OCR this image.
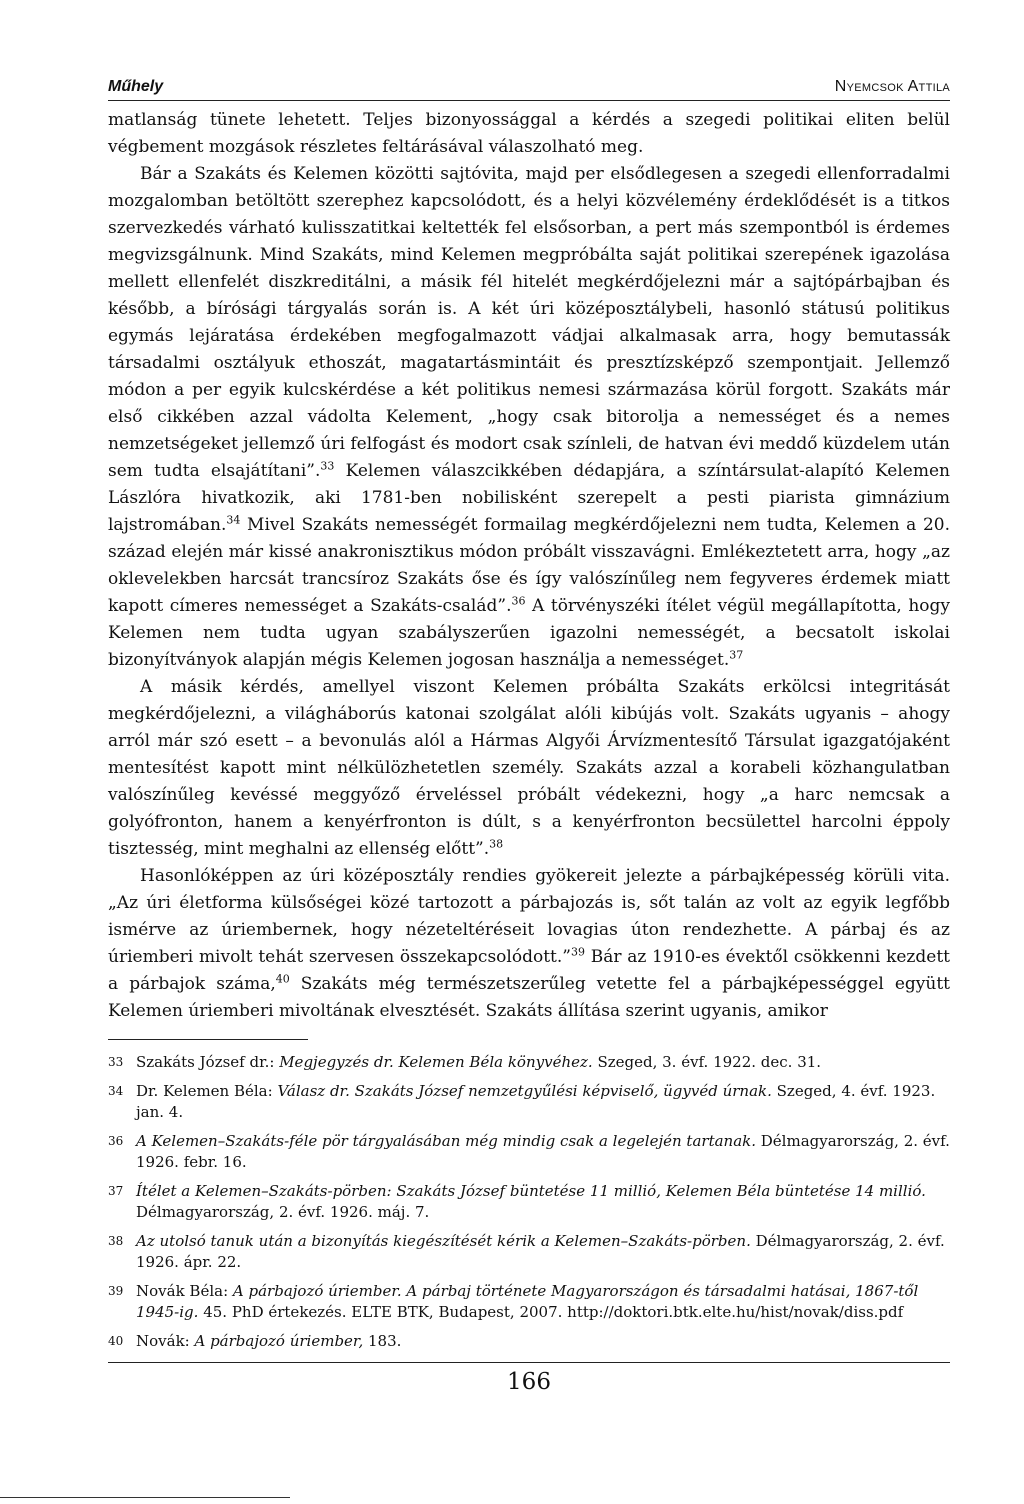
Műhely	Nyemcsok Attila

matlanság tünete lehetett. Teljes bizonyossággal a kérdés a szegedi politikai eliten belül végbement mozgások részletes feltárásával válaszolható meg.

Bár a Szakáts és Kelemen közötti sajtóvita, majd per elsődlegesen a szegedi ellenforradalmi mozgalomban betöltött szerephez kapcsolódott, és a helyi közvélemény érdeklődését is a titkos szervezkedés várható kulisszatitkai keltették fel elsősorban, a pert más szempontból is érdemes megvizsgálnunk. Mind Szakáts, mind Kelemen megpróbálta saját politikai szerepének igazolása mellett ellenfelét diszkreditálni, a másik fél hitelét megkérdőjelezni már a sajtópárbajban és később, a bírósági tárgyalás során is. A két úri középosztálybeli, hasonló státusú politikus egymás lejáratása érdekében megfogalmazott vádjai alkalmasak arra, hogy bemutassák társadalmi osztályuk ethoszát, magatartásmintáit és presztízsképző szempontjait. Jellemző módon a per egyik kulcskérdése a két politikus nemesi származása körül forgott. Szakáts már első cikkében azzal vádolta Kelement, „hogy csak bitorolja a nemességet és a nemes nemzetségeket jellemző úri felfogást és modort csak színleli, de hatvan évi meddő küzdelem után sem tudta elsajátítani”.$^{33}$ Kelemen válaszcikkében dédapjára, a színtársulat-alapító Kelemen Lászlóra hivatkozik, aki 1781-ben nobilisként szerepelt a pesti piarista gimnázium lajstromában.$^{34}$ Mivel Szakáts nemességét formailag megkérdőjelezni nem tudta, Kelemen a 20. század elején már kissé anakronisztikus módon próbált visszavágni. Emlékeztetett arra, hogy „az oklevelekben harcsát trancsíroz Szakáts őse és így valószínűleg nem fegyveres érdemek miatt kapott címeres nemességet a Szakáts-család”.$^{36}$ A törvényszéki ítélet végül megállapította, hogy Kelemen nem tudta ugyan szabályszerűen igazolni nemességét, a becsatolt iskolai bizonyítványok alapján mégis Kelemen jogosan használja a nemességet.$^{37}$

A másik kérdés, amellyel viszont Kelemen próbálta Szakáts erkölcsi integritását megkérdőjelezni, a világháborús katonai szolgálat alóli kibújás volt. Szakáts ugyanis – ahogy arról már szó esett – a bevonulás alól a Hármas Algyői Árvízmentesítő Társulat igazgatójaként mentesítést kapott mint nélkülözhetetlen személy. Szakáts azzal a korabeli közhangulatban valószínűleg kevéssé meggyőző érveléssel próbált védekezni, hogy „a harc nemcsak a golyófronton, hanem a kenyérfronton is dúlt, s a kenyérfronton becsülettel harcolni éppoly tisztesség, mint meghalni az ellenség előtt”.$^{38}$

Hasonlóképpen az úri középosztály rendies gyökereit jelezte a párbajképesség körüli vita. „Az úri életforma külsőségei közé tartozott a párbajozás is, sőt talán az volt az egyik legfőbb ismérve az úriembernek, hogy nézeteltéréseit lovagias úton rendezhette. A párbaj és az úriemberi mivolt tehát szervesen összekapcsolódott.”$^{39}$ Bár az 1910-es évektől csökkenni kezdett a párbajok száma,$^{40}$ Szakáts még természetszerűleg vetette fel a párbajképességgel együtt Kelemen úriemberi mivoltának elvesztését. Szakáts állítása szerint ugyanis, amikor

33 Szakáts József dr.: Megjegyzés dr. Kelemen Béla könyvéhez. Szeged, 3. évf. 1922. dec. 31.
34 Dr. Kelemen Béla: Válasz dr. Szakáts József nemzetgyűlési képviselő, ügyvéd úrnak. Szeged, 4. évf. 1923. jan. 4.
36 A Kelemen–Szakáts-féle pör tárgyalásában még mindig csak a legelején tartanak. Délmagyarország, 2. évf. 1926. febr. 16.
37 Ítélet a Kelemen–Szakáts-pörben: Szakáts József büntetése 11 millió, Kelemen Béla büntetése 14 millió. Délmagyarország, 2. évf. 1926. máj. 7.
38 Az utolsó tanuk után a bizonyítás kiegészítését kérik a Kelemen–Szakáts-pörben. Délmagyarország, 2. évf. 1926. ápr. 22.
39 Novák Béla: A párbajozó úriember. A párbaj története Magyarországon és társadalmi hatásai, 1867-től 1945-ig. 45. PhD értekezés. ELTE BTK, Budapest, 2007. http://doktori.btk.elte.hu/hist/novak/diss.pdf
40 Novák: A párbajozó úriember, 183.
166
